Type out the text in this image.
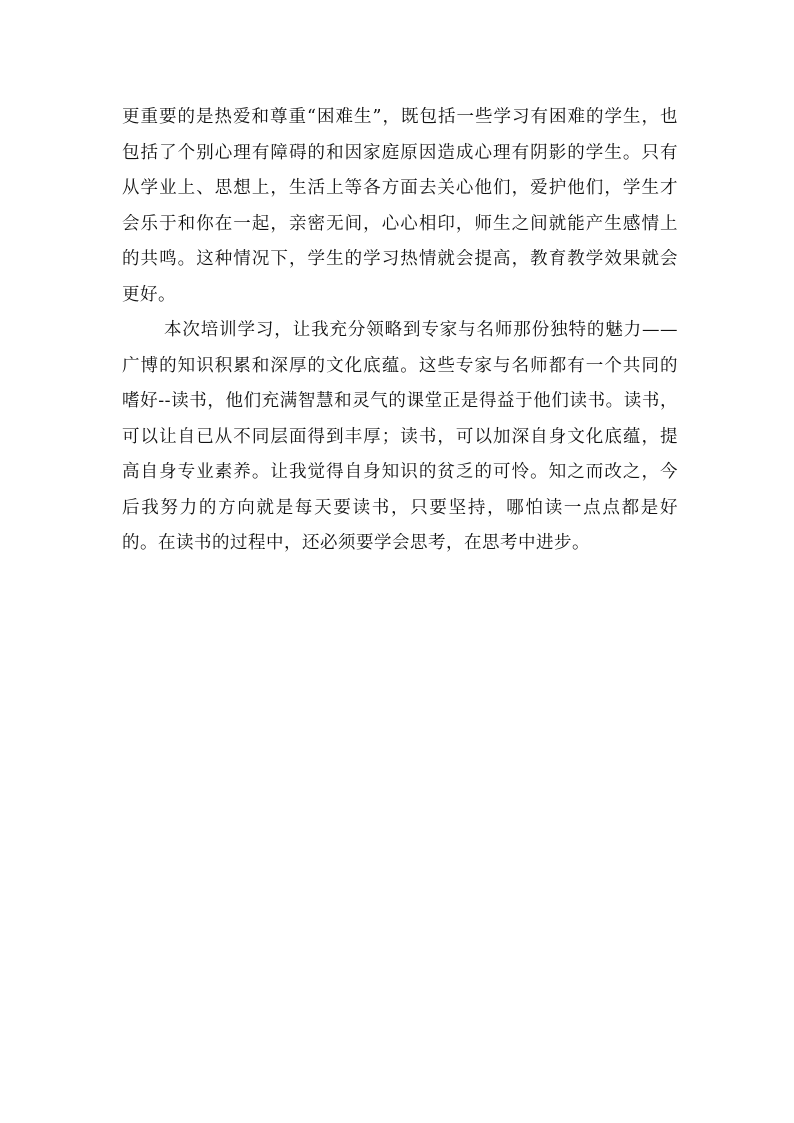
更重要的是热爱和尊重“困难生”，既包括一些学习有困难的学生，也包括了个别心理有障碍的和因家庭原因造成心理有阴影的学生。只有从学业上、思想上，生活上等各方面去关心他们，爱护他们，学生才会乐于和你在一起，亲密无间，心心相印，师生之间就能产生感情上的共鸣。这种情况下，学生的学习热情就会提高，教育教学效果就会更好。

本次培训学习，让我充分领略到专家与名师那份独特的魅力——广博的知识积累和深厚的文化底蕴。这些专家与名师都有一个共同的嗜好--读书，他们充满智慧和灵气的课堂正是得益于他们读书。读书，可以让自已从不同层面得到丰厚；读书，可以加深自身文化底蕴，提高自身专业素养。让我觉得自身知识的贫乏的可怜。知之而改之，今后我努力的方向就是每天要读书，只要坚持，哪怕读一点点都是好的。在读书的过程中，还必须要学会思考，在思考中进步。
